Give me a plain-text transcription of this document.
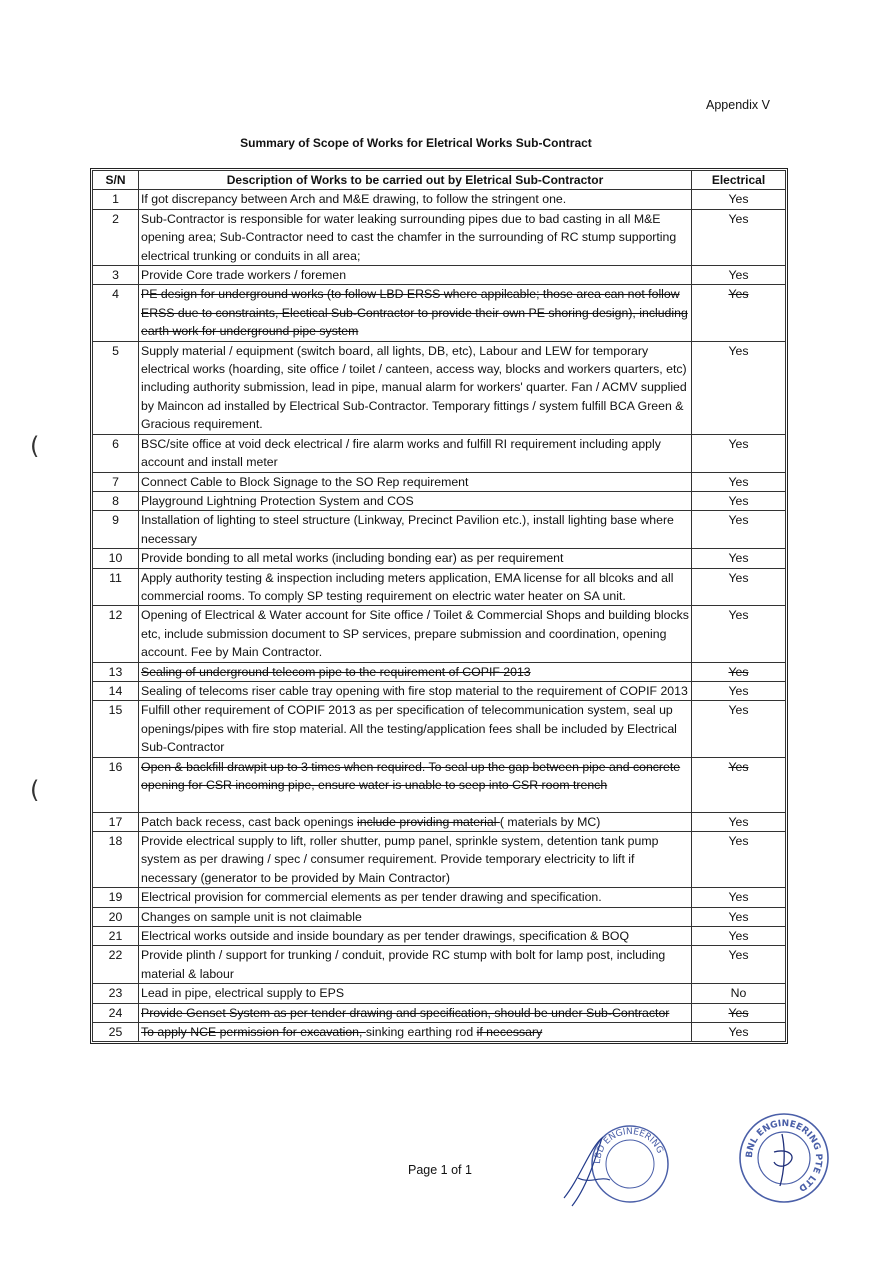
Appendix V
Summary of Scope of Works for Eletrical Works Sub-Contract
S/N	Description of Works to be carried out by Eletrical Sub-Contractor	Electrical
1	If got discrepancy between Arch and M&E drawing, to follow the stringent one.	Yes
2	Sub-Contractor is responsible for water leaking surrounding pipes due to bad casting in all M&E opening area; Sub-Contractor need to cast the chamfer in the surrounding of RC stump supporting electrical trunking or conduits in all area;	Yes
3	Provide Core trade workers / foremen	Yes
4	PE design for underground works (to follow LBD ERSS where appilcable; those area can not follow ERSS due to constraints, Electical Sub-Contractor to provide their own PE shoring design), including earth work for underground pipe system	Yes
5	Supply material / equipment (switch board, all lights, DB, etc), Labour and LEW for temporary electrical works (hoarding, site office / toilet / canteen, access way, blocks and workers quarters, etc) including authority submission, lead in pipe, manual alarm for workers' quarter. Fan / ACMV supplied by Maincon ad installed by Electrical Sub-Contractor. Temporary fittings / system fulfill BCA Green & Gracious requirement.	Yes
6	BSC/site office at void deck electrical / fire alarm works and fulfill RI requirement including apply account and install meter	Yes
7	Connect Cable to Block Signage to the SO Rep requirement	Yes
8	Playground Lightning Protection System and COS	Yes
9	Installation of lighting to steel structure (Linkway, Precinct Pavilion etc.), install lighting base where necessary	Yes
10	Provide bonding to all metal works (including bonding ear) as per requirement	Yes
11	Apply authority testing & inspection including meters application, EMA license for all blcoks and all commercial rooms. To comply SP testing requirement on electric water heater on SA unit.	Yes
12	Opening of Electrical & Water account for Site office / Toilet & Commercial Shops and building blocks etc, include submission document to SP services, prepare submission and coordination, opening account. Fee by Main Contractor.	Yes
13	Sealing of underground telecom pipe to the requirement of COPIF 2013	Yes
14	Sealing of telecoms riser cable tray opening with fire stop material to the requirement of COPIF 2013	Yes
15	Fulfill other requirement of COPIF 2013 as per specification of telecommunication system, seal up openings/pipes with fire stop material. All the testing/application fees shall be included by Electrical Sub-Contractor	Yes
16	Open & backfill drawpit up to 3 times when required. To seal up the gap between pipe and concrete opening for CSR incoming pipe, ensure water is unable to seep into CSR room trench	Yes
17	Patch back recess, cast back openings include providing material ( materials by MC)	Yes
18	Provide electrical supply to lift, roller shutter, pump panel, sprinkle system, detention tank pump system as per drawing / spec / consumer requirement. Provide temporary electricity to lift if necessary (generator to be provided by Main Contractor)	Yes
19	Electrical provision for commercial elements as per tender drawing and specification.	Yes
20	Changes on sample unit is not claimable	Yes
21	Electrical works outside and inside boundary as per tender drawings, specification & BOQ	Yes
22	Provide plinth / support for trunking / conduit, provide RC stump with bolt for lamp post, including material & labour	Yes
23	Lead in pipe, electrical supply to EPS	No
24	Provide Genset System as per tender drawing and specification, should be under Sub-Contractor	Yes
25	To apply NCE permission for excavation, sinking earthing rod if necessary	Yes
(
(
Page 1 of 1
LBD ENGINEERING	BNL ENGINEERING PTE LTD
